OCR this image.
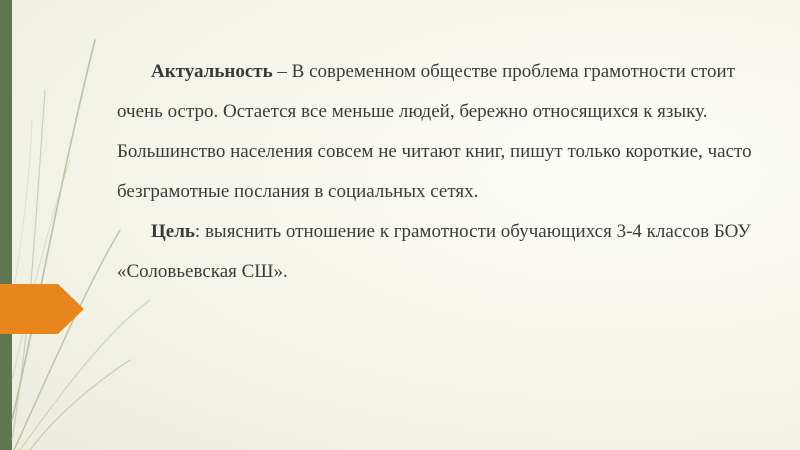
Актуальность – В современном обществе проблема грамотности стоит очень остро. Остается все меньше людей, бережно относящихся к языку. Большинство населения совсем не читают книг, пишут только короткие, часто безграмотные послания в социальных сетях.

Цель: выяснить отношение к грамотности обучающихся 3-4 классов БОУ «Соловьевская СШ».
